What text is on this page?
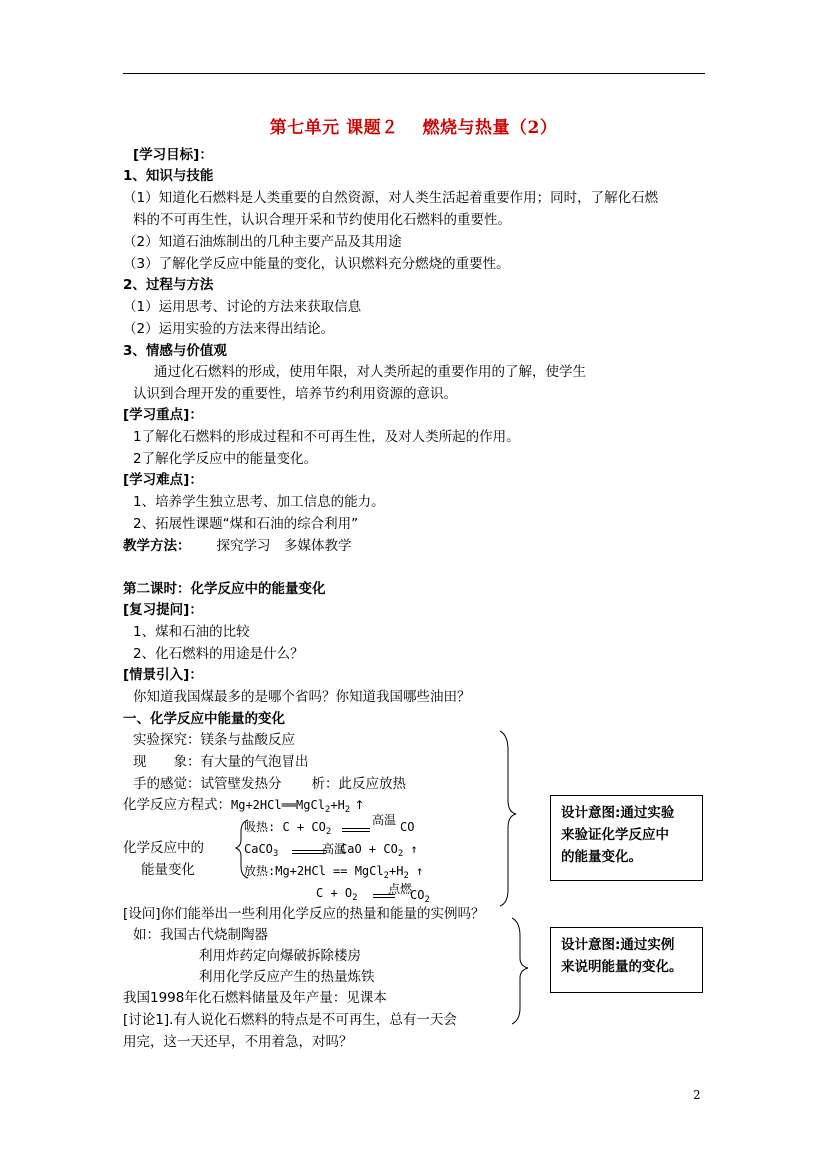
第七单元 课题２　 燃烧与热量（2）
[学习目标]：
1、知识与技能
（1）知道化石燃料是人类重要的自然资源，对人类生活起着重要作用；同时，了解化石燃
料的不可再生性，认识合理开采和节约使用化石燃料的重要性。
（2）知道石油炼制出的几种主要产品及其用途
（3）了解化学反应中能量的变化，认识燃料充分燃烧的重要性。
2、过程与方法
（1）运用思考、讨论的方法来获取信息
（2）运用实验的方法来得出结论。
3、情感与价值观
通过化石燃料的形成，使用年限，对人类所起的重要作用的了解，使学生
认识到合理开发的重要性，培养节约利用资源的意识。
[学习重点]：
1了解化石燃料的形成过程和不可再生性，及对人类所起的作用。
2了解化学反应中的能量变化。
[学习难点]：
1、培养学生独立思考、加工信息的能力。
2、拓展性课题“煤和石油的综合利用”
教学方法： 探究学习　多媒体教学
第二课时：化学反应中的能量变化
[复习提问]：
1、煤和石油的比较
2、化石燃料的用途是什么？
[情景引入]：
你知道我国煤最多的是哪个省吗？你知道我国哪些油田？
一、化学反应中能量的变化
实验探究：镁条与盐酸反应
现　　象：有大量的气泡冒出
手的感觉：试管壁发热分 析：此反应放热
化学反应方程式：$Mg+2HCl══MgCl_2+H_2$ ↑
化学反应中的
能量变化
吸热: $C + CO_2$
高温 CO
CaCO$_3$	高温
CaO + $CO_2$ ↑
放热:Mg+2HCl == $MgCl_2+H_2$ ↑
$C + O_2$
点燃
$CO_2$
[设问]你们能举出一些利用化学反应的热量和能量的实例吗？
如：我国古代烧制陶器
利用炸药定向爆破拆除楼房
利用化学反应产生的热量炼铁
我国1998年化石燃料储量及年产量：见课本
[讨论1].有人说化石燃料的特点是不可再生，总有一天会
用完，这一天还早，不用着急，对吗？
设计意图:通过实验
来验证化学反应中
的能量变化。
设计意图:通过实例
来说明能量的变化。
2
